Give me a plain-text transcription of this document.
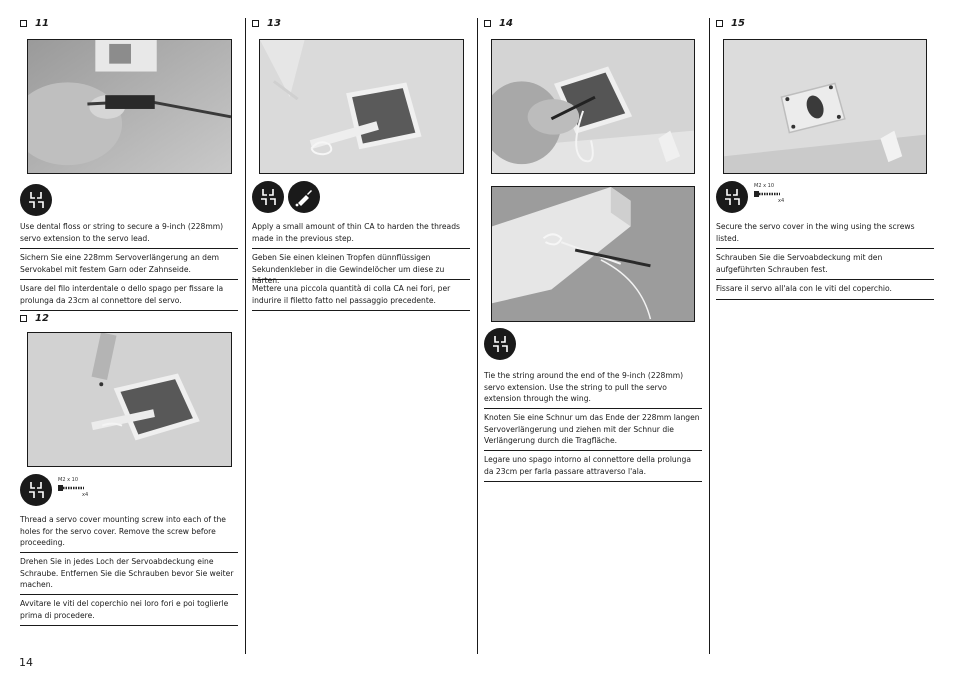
11
Use dental floss or string to secure a 9-inch (228mm) servo extension to the servo lead.
Sichern Sie eine 228mm Servoverlängerung an dem Servokabel mit festem Garn oder Zahnseide.
Usare del filo interdentale o dello spago per fissare la prolunga da 23cm al connettore del servo.
12
M2 x 10
x4
Thread a servo cover mounting screw into each of the holes for the servo cover. Remove the screw before proceeding.
Drehen Sie in jedes Loch der Servoabdeckung eine Schraube. Entfernen Sie die Schrauben bevor Sie weiter machen.
Avvitare le viti del coperchio nei loro fori e poi toglierle prima di procedere.
13
Apply a small amount of thin CA to harden the threads made in the previous step.
Geben Sie einen kleinen Tropfen dünnflüssigen Sekundenkleber in die Gewindelöcher um diese zu härten.
Mettere una piccola quantità di colla CA nei fori, per indurire il filetto fatto nel passaggio precedente.
14
Tie the string around the end of the 9-inch (228mm) servo extension. Use the string to pull the servo extension through the wing.
Knoten Sie eine Schnur um das Ende der 228mm langen Servoverlängerung und ziehen mit der Schnur die Verlängerung durch die Tragfläche.
Legare uno spago intorno al connettore della prolunga da 23cm per farla passare attraverso l'ala.
15
M2 x 10
x4
Secure the servo cover in the wing using the screws listed.
Schrauben Sie die Servoabdeckung mit den aufgeführten Schrauben fest.
Fissare il servo all'ala con le viti del coperchio.
14
